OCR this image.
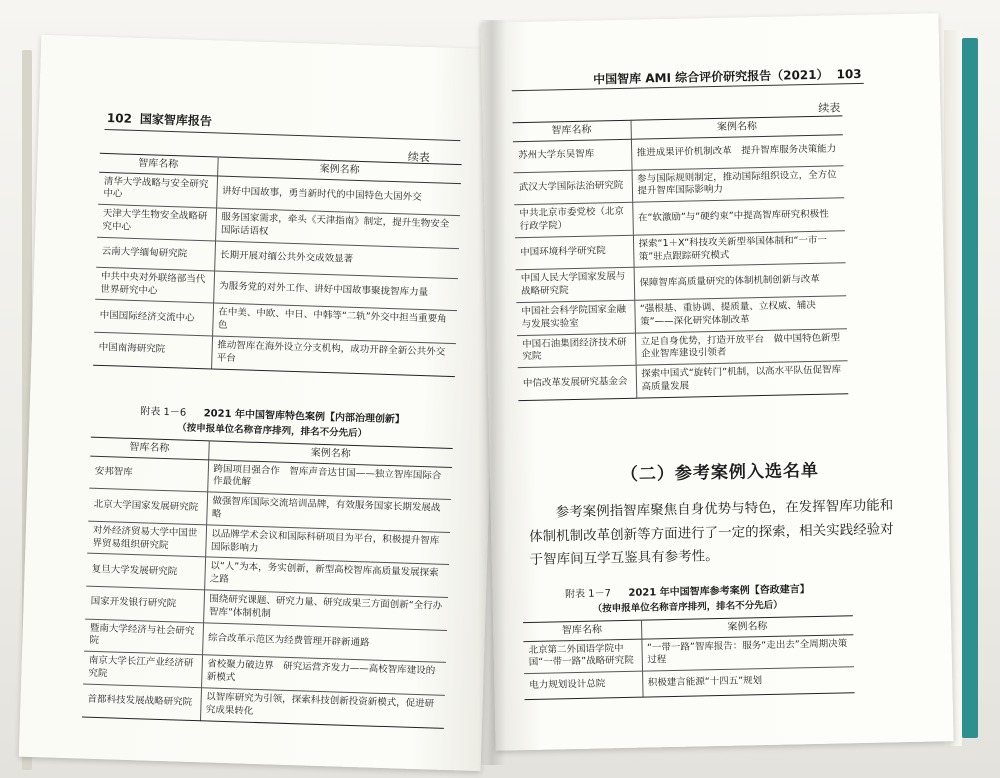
102 国家智库报告
续表
智库名称	案例名称
清华大学战略与安全研究中心	讲好中国故事，勇当新时代的中国特色大国外交
天津大学生物安全战略研究中心	服务国家需求，牵头《天津指南》制定，提升生物安全国际话语权
云南大学缅甸研究院	长期开展对缅公共外交成效显著
中共中央对外联络部当代世界研究中心	为服务党的对外工作、讲好中国故事聚拢智库力量
中国国际经济交流中心	在中美、中欧、中日、中韩等“二轨”外交中担当重要角色
中国南海研究院	推动智库在海外设立分支机构，成功开辟全新公共外交平台
附表 1－6 2021 年中国智库特色案例【内部治理创新】
（按申报单位名称音序排列，排名不分先后）
智库名称	案例名称
安邦智库	跨国项目强合作　智库声音达甘国——独立智库国际合作最优解
北京大学国家发展研究院	做强智库国际交流培训品牌，有效服务国家长期发展战略
对外经济贸易大学中国世界贸易组织研究院	以品牌学术会议和国际科研项目为平台，积极提升智库国际影响力
复旦大学发展研究院	以“人”为本，务实创新，新型高校智库高质量发展探索之路
国家开发银行研究院	围绕研究课题、研究力量、研究成果三方面创新“全行办智库”体制机制
暨南大学经济与社会研究院	综合改革示范区为经费管理开辟新通路
南京大学长江产业经济研究院	省校聚力破边界　研究运营齐发力——高校智库建设的新模式
首都科技发展战略研究院	以智库研究为引领，探索科技创新投资新模式，促进研究成果转化
中国智库 AMI 综合评价研究报告（2021） 103
续表
智库名称	案例名称
苏州大学东吴智库	推进成果评价机制改革　提升智库服务决策能力
武汉大学国际法治研究院	参与国际规则制定，推动国际组织设立，全方位提升智库国际影响力
中共北京市委党校（北京行政学院）	在“软激励”与“硬约束”中提高智库研究积极性
中国环境科学研究院	探索“1＋X”科技攻关新型举国体制和“一市一策”驻点跟踪研究模式
中国人民大学国家发展与战略研究院	保障智库高质量研究的体制机制创新与改革
中国社会科学院国家金融与发展实验室	“强根基、重协调、提质量、立权威、辅决策”——深化研究体制改革
中国石油集团经济技术研究院	立足自身优势，打造开放平台　做中国特色新型企业智库建设引领者
中信改革发展研究基金会	探索中国式“旋转门”机制，以高水平队伍促智库高质量发展
（二）参考案例入选名单
参考案例指智库聚焦自身优势与特色，在发挥智库功能和体制机制改革创新等方面进行了一定的探索，相关实践经验对于智库间互学互鉴具有参考性。
附表 1－7 2021 年中国智库参考案例【咨政建言】
（按申报单位名称音序排列，排名不分先后）
智库名称	案例名称
北京第二外国语学院中国“一带一路”战略研究院	“一带一路”智库报告：服务“走出去”全周期决策过程
电力规划设计总院	积极建言能源“十四五”规划
